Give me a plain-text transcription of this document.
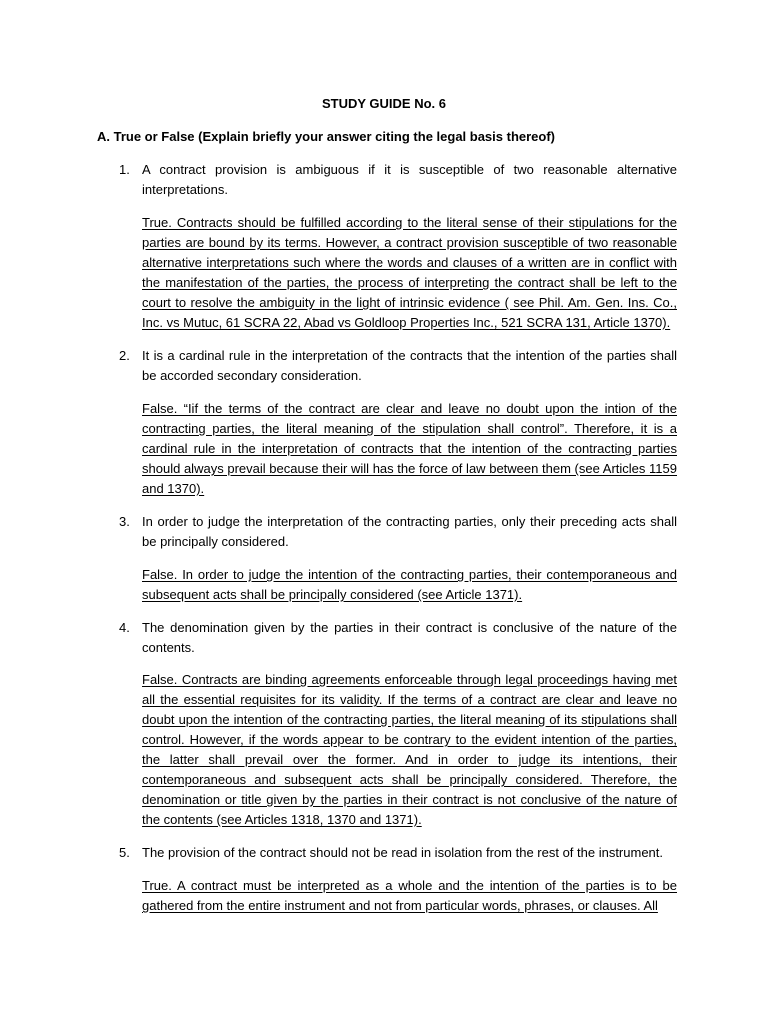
STUDY GUIDE No. 6
A. True or False (Explain briefly your answer citing the legal basis thereof)
1. A contract provision is ambiguous if it is susceptible of two reasonable alternative interpretations.
True. Contracts should be fulfilled according to the literal sense of their stipulations for the parties are bound by its terms. However, a contract provision susceptible of two reasonable alternative interpretations such where the words and clauses of a written are in conflict with the manifestation of the parties, the process of interpreting the contract shall be left to the court to resolve the ambiguity in the light of intrinsic evidence ( see Phil. Am. Gen. Ins. Co., Inc. vs Mutuc, 61 SCRA 22, Abad vs Goldloop Properties Inc., 521 SCRA 131, Article 1370).
2. It is a cardinal rule in the interpretation of the contracts that the intention of the parties shall be accorded secondary consideration.
False. “Iif the terms of the contract are clear and leave no doubt upon the intion of the contracting parties, the literal meaning of the stipulation shall control”. Therefore, it is a cardinal rule in the interpretation of contracts that the intention of the contracting parties should always prevail because their will has the force of law between them (see Articles 1159 and 1370).
3. In order to judge the interpretation of the contracting parties, only their preceding acts shall be principally considered.
False. In order to judge the intention of the contracting parties, their contemporaneous and subsequent acts shall be principally considered (see Article 1371).
4. The denomination given by the parties in their contract is conclusive of the nature of the contents.
False. Contracts are binding agreements enforceable through legal proceedings having met all the essential requisites for its validity. If the terms of a contract are clear and leave no doubt upon the intention of the contracting parties, the literal meaning of its stipulations shall control. However, if the words appear to be contrary to the evident intention of the parties, the latter shall prevail over the former. And in order to judge its intentions, their contemporaneous and subsequent acts shall be principally considered. Therefore, the denomination or title given by the parties in their contract is not conclusive of the nature of the contents (see Articles 1318, 1370 and 1371).
5. The provision of the contract should not be read in isolation from the rest of the instrument.
True. A contract must be interpreted as a whole and the intention of the parties is to be gathered from the entire instrument and not from particular words, phrases, or clauses. All
